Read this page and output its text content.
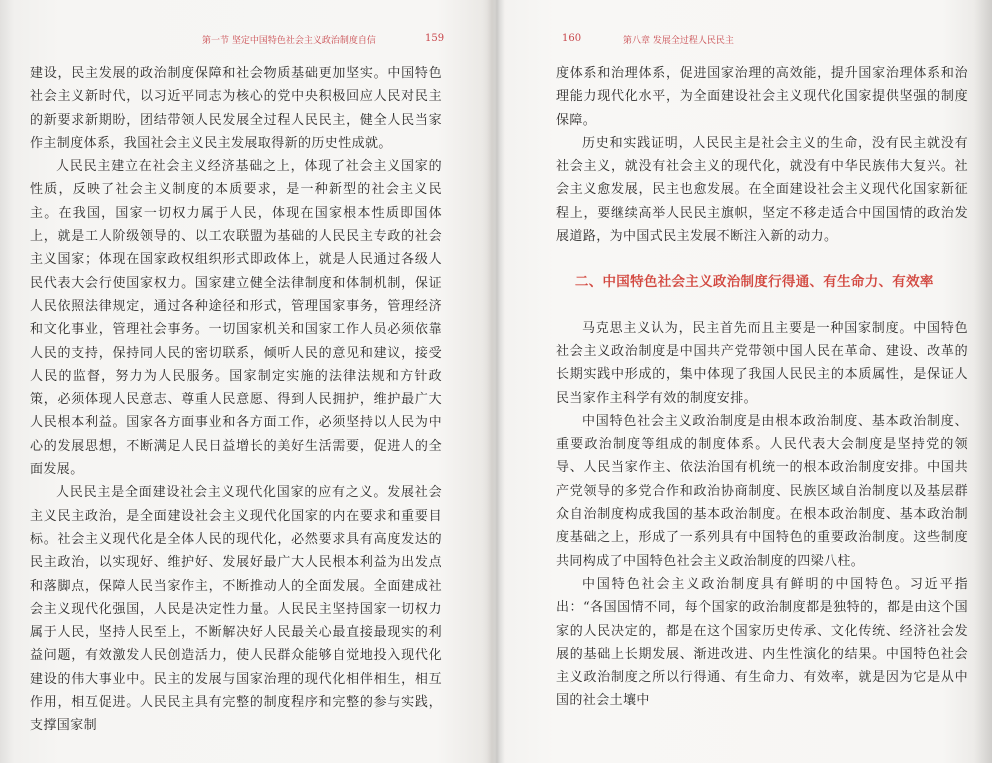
第一节 坚定中国特色社会主义政治制度自信	159

建设，民主发展的政治制度保障和社会物质基础更加坚实。中国特色社会主义新时代，以习近平同志为核心的党中央积极回应人民对民主的新要求新期盼，团结带领人民发展全过程人民民主，健全人民当家作主制度体系，我国社会主义民主发展取得新的历史性成就。

人民民主建立在社会主义经济基础之上，体现了社会主义国家的性质，反映了社会主义制度的本质要求，是一种新型的社会主义民主。在我国，国家一切权力属于人民，体现在国家根本性质即国体上，就是工人阶级领导的、以工农联盟为基础的人民民主专政的社会主义国家；体现在国家政权组织形式即政体上，就是人民通过各级人民代表大会行使国家权力。国家建立健全法律制度和体制机制，保证人民依照法律规定，通过各种途径和形式，管理国家事务，管理经济和文化事业，管理社会事务。一切国家机关和国家工作人员必须依靠人民的支持，保持同人民的密切联系，倾听人民的意见和建议，接受人民的监督，努力为人民服务。国家制定实施的法律法规和方针政策，必须体现人民意志、尊重人民意愿、得到人民拥护，维护最广大人民根本利益。国家各方面事业和各方面工作，必须坚持以人民为中心的发展思想，不断满足人民日益增长的美好生活需要，促进人的全面发展。

人民民主是全面建设社会主义现代化国家的应有之义。发展社会主义民主政治，是全面建设社会主义现代化国家的内在要求和重要目标。社会主义现代化是全体人民的现代化，必然要求具有高度发达的民主政治，以实现好、维护好、发展好最广大人民根本利益为出发点和落脚点，保障人民当家作主，不断推动人的全面发展。全面建成社会主义现代化强国，人民是决定性力量。人民民主坚持国家一切权力属于人民，坚持人民至上，不断解决好人民最关心最直接最现实的利益问题，有效激发人民创造活力，使人民群众能够自觉地投入现代化建设的伟大事业中。民主的发展与国家治理的现代化相伴相生，相互作用，相互促进。人民民主具有完整的制度程序和完整的参与实践，支撑国家制

160	第八章 发展全过程人民民主

度体系和治理体系，促进国家治理的高效能，提升国家治理体系和治理能力现代化水平，为全面建设社会主义现代化国家提供坚强的制度保障。

历史和实践证明，人民民主是社会主义的生命，没有民主就没有社会主义，就没有社会主义的现代化，就没有中华民族伟大复兴。社会主义愈发展，民主也愈发展。在全面建设社会主义现代化国家新征程上，要继续高举人民民主旗帜，坚定不移走适合中国国情的政治发展道路，为中国式民主发展不断注入新的动力。

二、中国特色社会主义政治制度行得通、有生命力、有效率

马克思主义认为，民主首先而且主要是一种国家制度。中国特色社会主义政治制度是中国共产党带领中国人民在革命、建设、改革的长期实践中形成的，集中体现了我国人民民主的本质属性，是保证人民当家作主科学有效的制度安排。

中国特色社会主义政治制度是由根本政治制度、基本政治制度、重要政治制度等组成的制度体系。人民代表大会制度是坚持党的领导、人民当家作主、依法治国有机统一的根本政治制度安排。中国共产党领导的多党合作和政治协商制度、民族区域自治制度以及基层群众自治制度构成我国的基本政治制度。在根本政治制度、基本政治制度基础之上，形成了一系列具有中国特色的重要政治制度。这些制度共同构成了中国特色社会主义政治制度的四梁八柱。

中国特色社会主义政治制度具有鲜明的中国特色。习近平指出：“各国国情不同，每个国家的政治制度都是独特的，都是由这个国家的人民决定的，都是在这个国家历史传承、文化传统、经济社会发展的基础上长期发展、渐进改进、内生性演化的结果。中国特色社会主义政治制度之所以行得通、有生命力、有效率，就是因为它是从中国的社会土壤中
